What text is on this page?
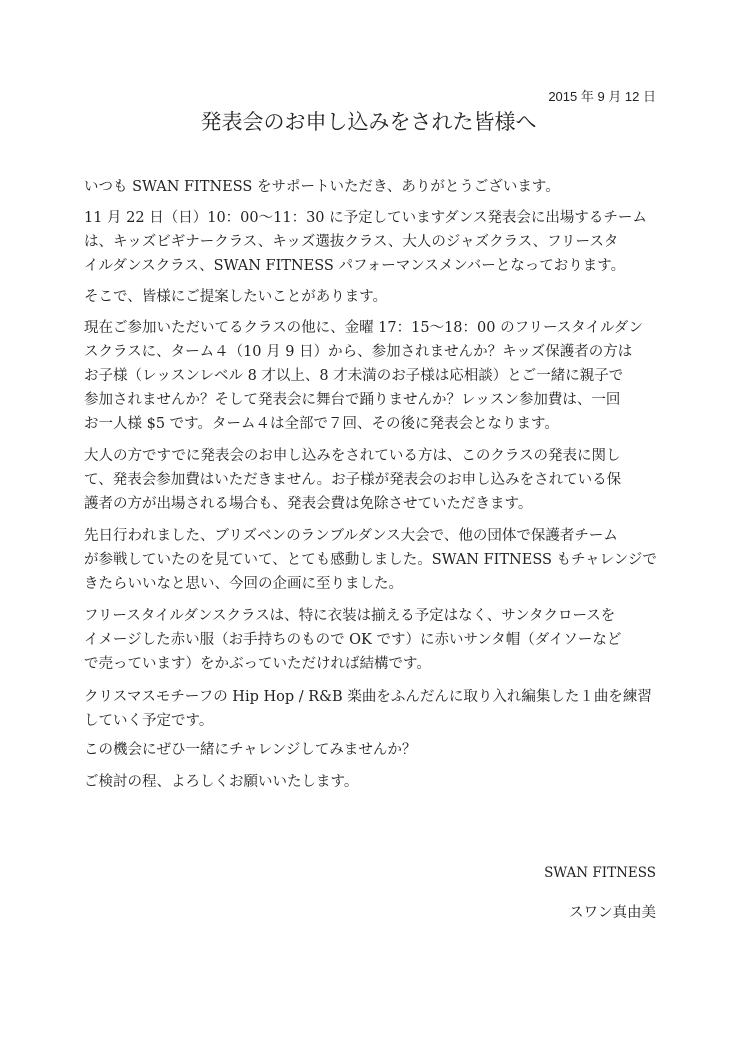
2015 年 9 月 12 日
発表会のお申し込みをされた皆様へ
いつも SWAN FITNESS をサポートいただき、ありがとうございます。
11 月 22 日（日）10：00〜11：30 に予定していますダンス発表会に出場するチーム
は、キッズビギナークラス、キッズ選抜クラス、大人のジャズクラス、フリースタ
イルダンスクラス、SWAN FITNESS パフォーマンスメンバーとなっております。
そこで、皆様にご提案したいことがあります。
現在ご参加いただいてるクラスの他に、金曜 17：15〜18：00 のフリースタイルダン
スクラスに、ターム４（10 月 9 日）から、参加されませんか？キッズ保護者の方は
お子様（レッスンレベル 8 才以上、8 才未満のお子様は応相談）とご一緒に親子で
参加されませんか？そして発表会に舞台で踊りませんか？レッスン参加費は、一回
お一人様 $5 です。ターム４は全部で７回、その後に発表会となります。
大人の方ですでに発表会のお申し込みをされている方は、このクラスの発表に関し
て、発表会参加費はいただきません。お子様が発表会のお申し込みをされている保
護者の方が出場される場合も、発表会費は免除させていただきます。
先日行われました、ブリズベンのランブルダンス大会で、他の団体で保護者チーム
が参戦していたのを見ていて、とても感動しました。SWAN FITNESS もチャレンジで
きたらいいなと思い、今回の企画に至りました。
フリースタイルダンスクラスは、特に衣装は揃える予定はなく、サンタクロースを
イメージした赤い服（お手持ちのもので OK です）に赤いサンタ帽（ダイソーなど
で売っています）をかぶっていただければ結構です。
クリスマスモチーフの Hip Hop / R&B 楽曲をふんだんに取り入れ編集した１曲を練習
していく予定です。
この機会にぜひ一緒にチャレンジしてみませんか？
ご検討の程、よろしくお願いいたします。
SWAN FITNESS
スワン真由美
